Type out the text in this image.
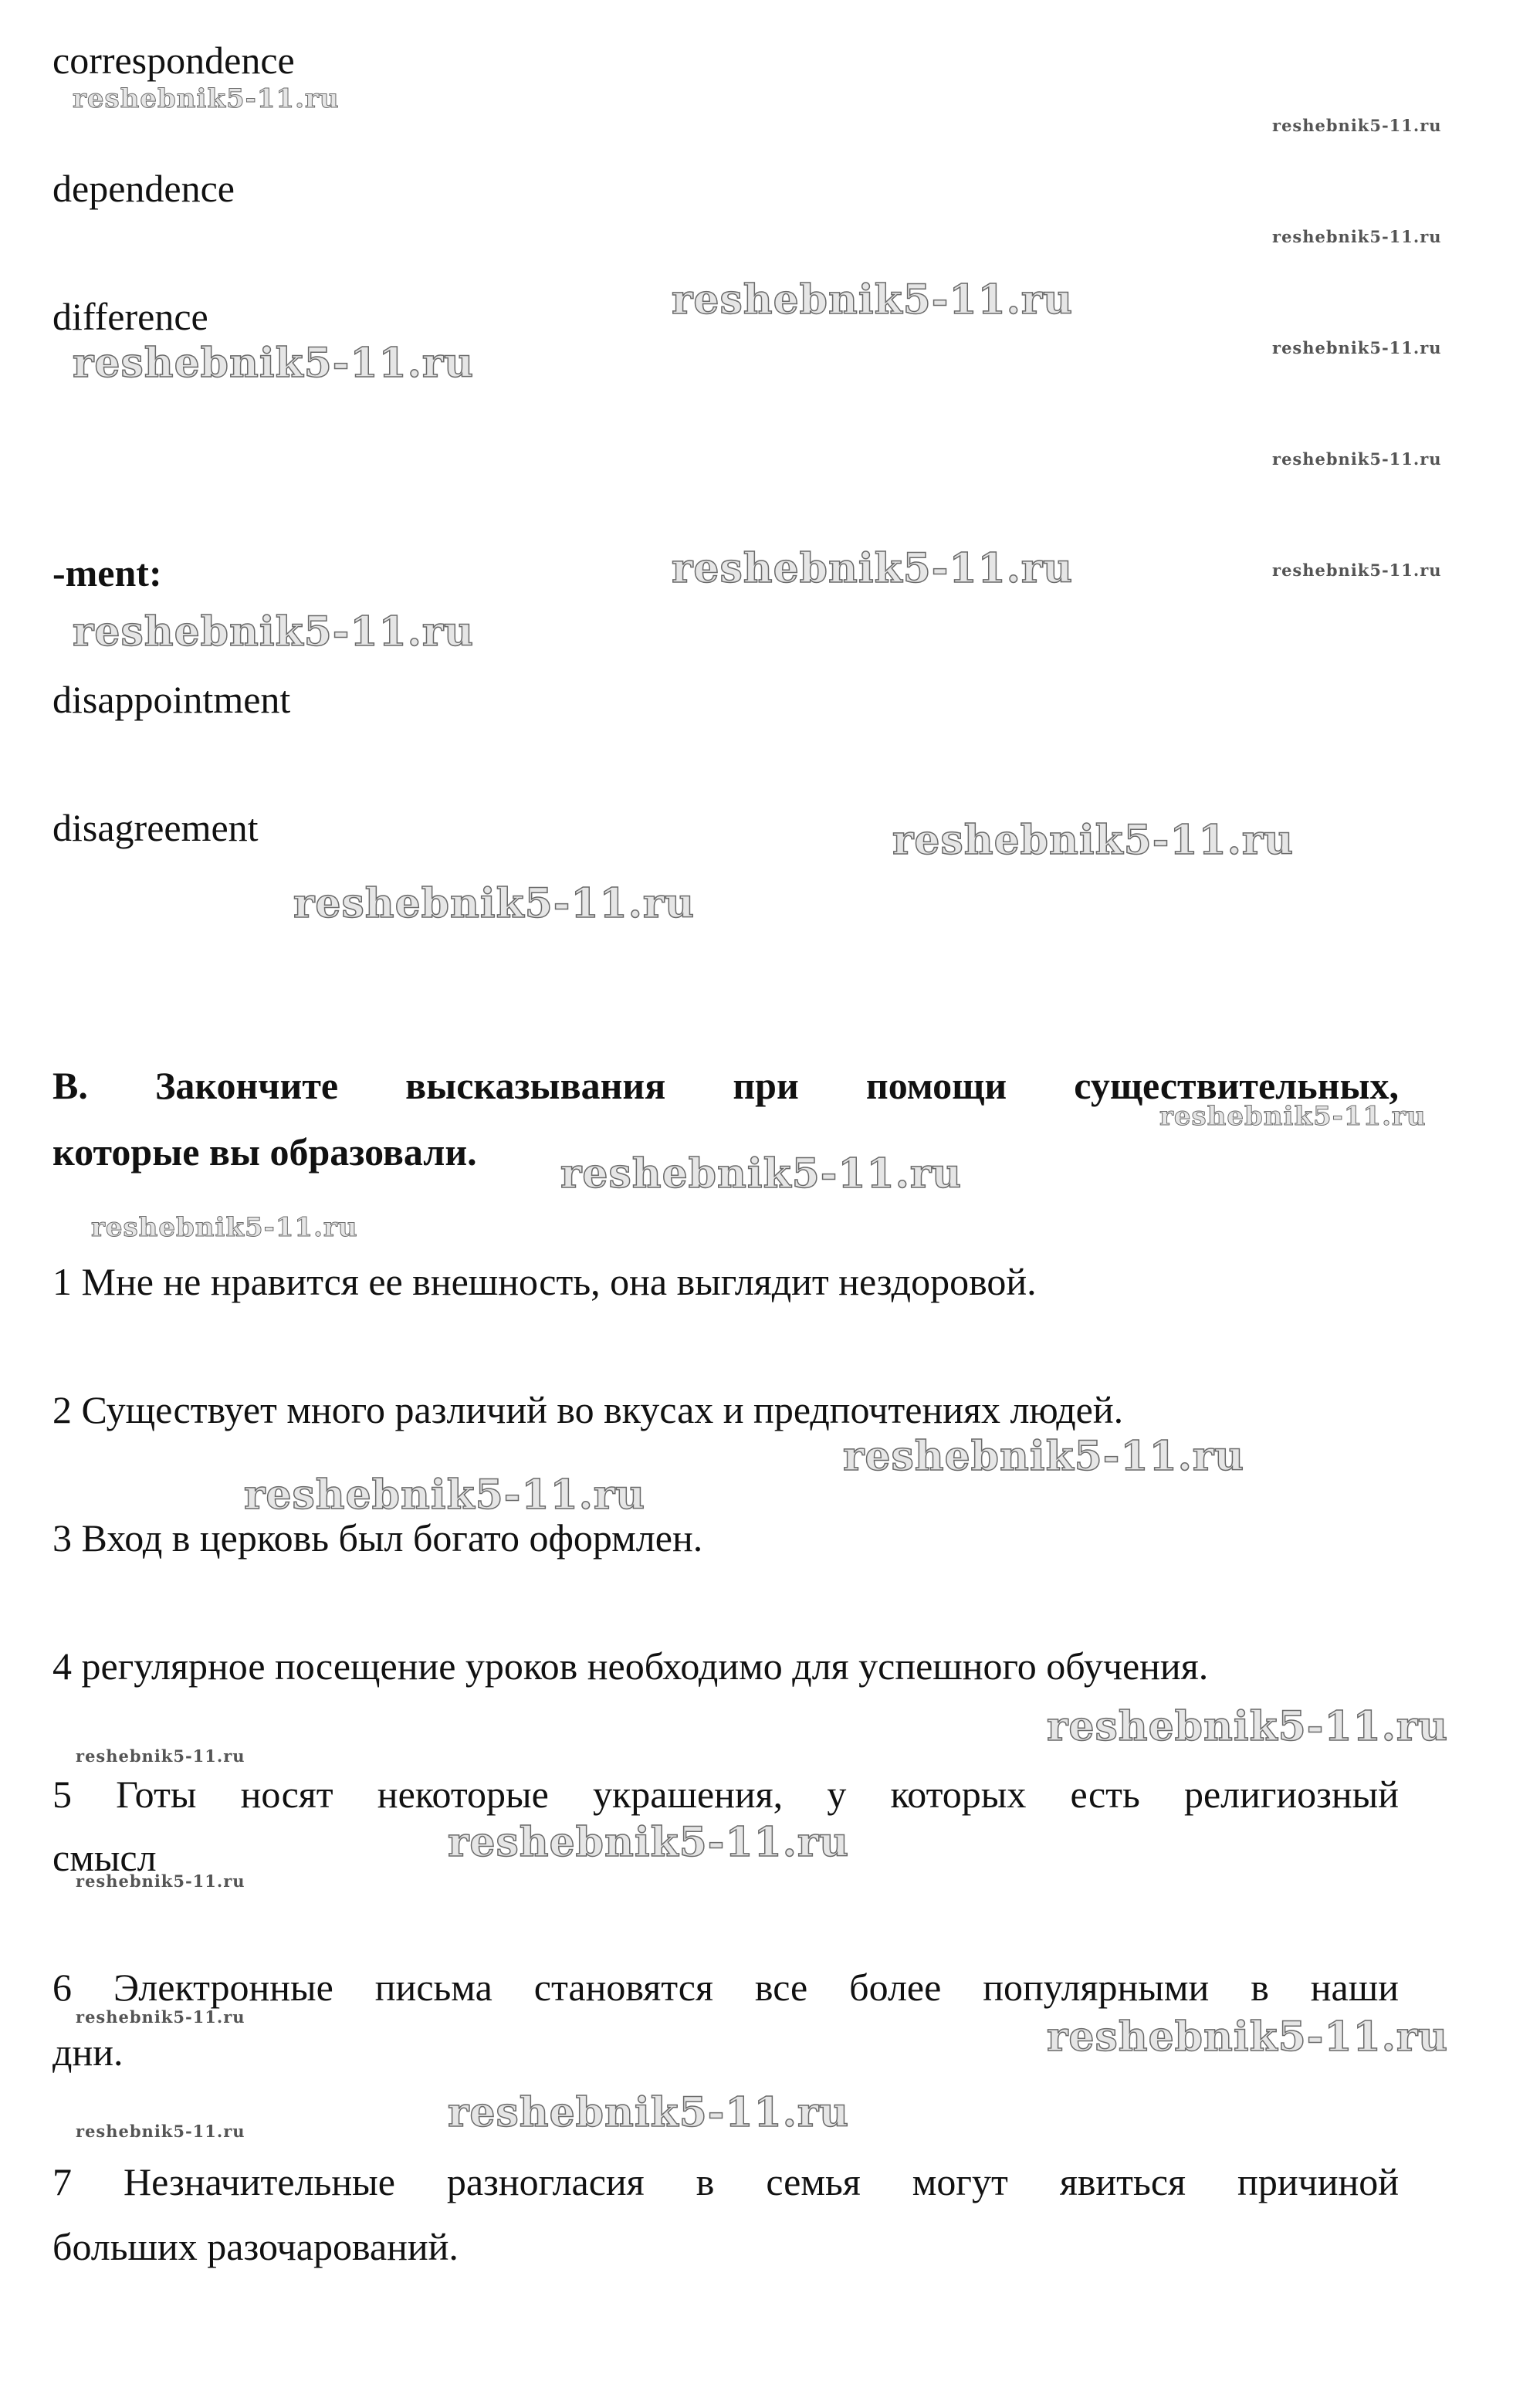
reshebnik5-11.ru
reshebnik5-11.ru
reshebnik5-11.ru
reshebnik5-11.ru
reshebnik5-11.ru	reshebnik5-11.ru
reshebnik5-11.ru
reshebnik5-11.ru	reshebnik5-11.ru
reshebnik5-11.ru
reshebnik5-11.ru
reshebnik5-11.ru
reshebnik5-11.ru
reshebnik5-11.ru
reshebnik5-11.ru
reshebnik5-11.ru
reshebnik5-11.ru
reshebnik5-11.ru
reshebnik5-11.ru
reshebnik5-11.ru
reshebnik5-11.ru
reshebnik5-11.ru	reshebnik5-11.ru
reshebnik5-11.ru
reshebnik5-11.ru

correspondence

dependence

difference

-ment:

disappointment

disagreement

B. Закончите высказывания при помощи существительных,

которые вы образовали.

1 Мне не нравится ее внешность, она выглядит нездоровой.

2 Существует много различий во вкусах и предпочтениях людей.

3 Вход в церковь был богато оформлен.

4 регулярное посещение уроков необходимо для успешного обучения.

5 Готы носят некоторые украшения, у которых есть религиозный

смысл

6 Электронные письма становятся все более популярными в наши

дни.

7 Незначительные разногласия в семья могут явиться причиной

больших разочарований.
